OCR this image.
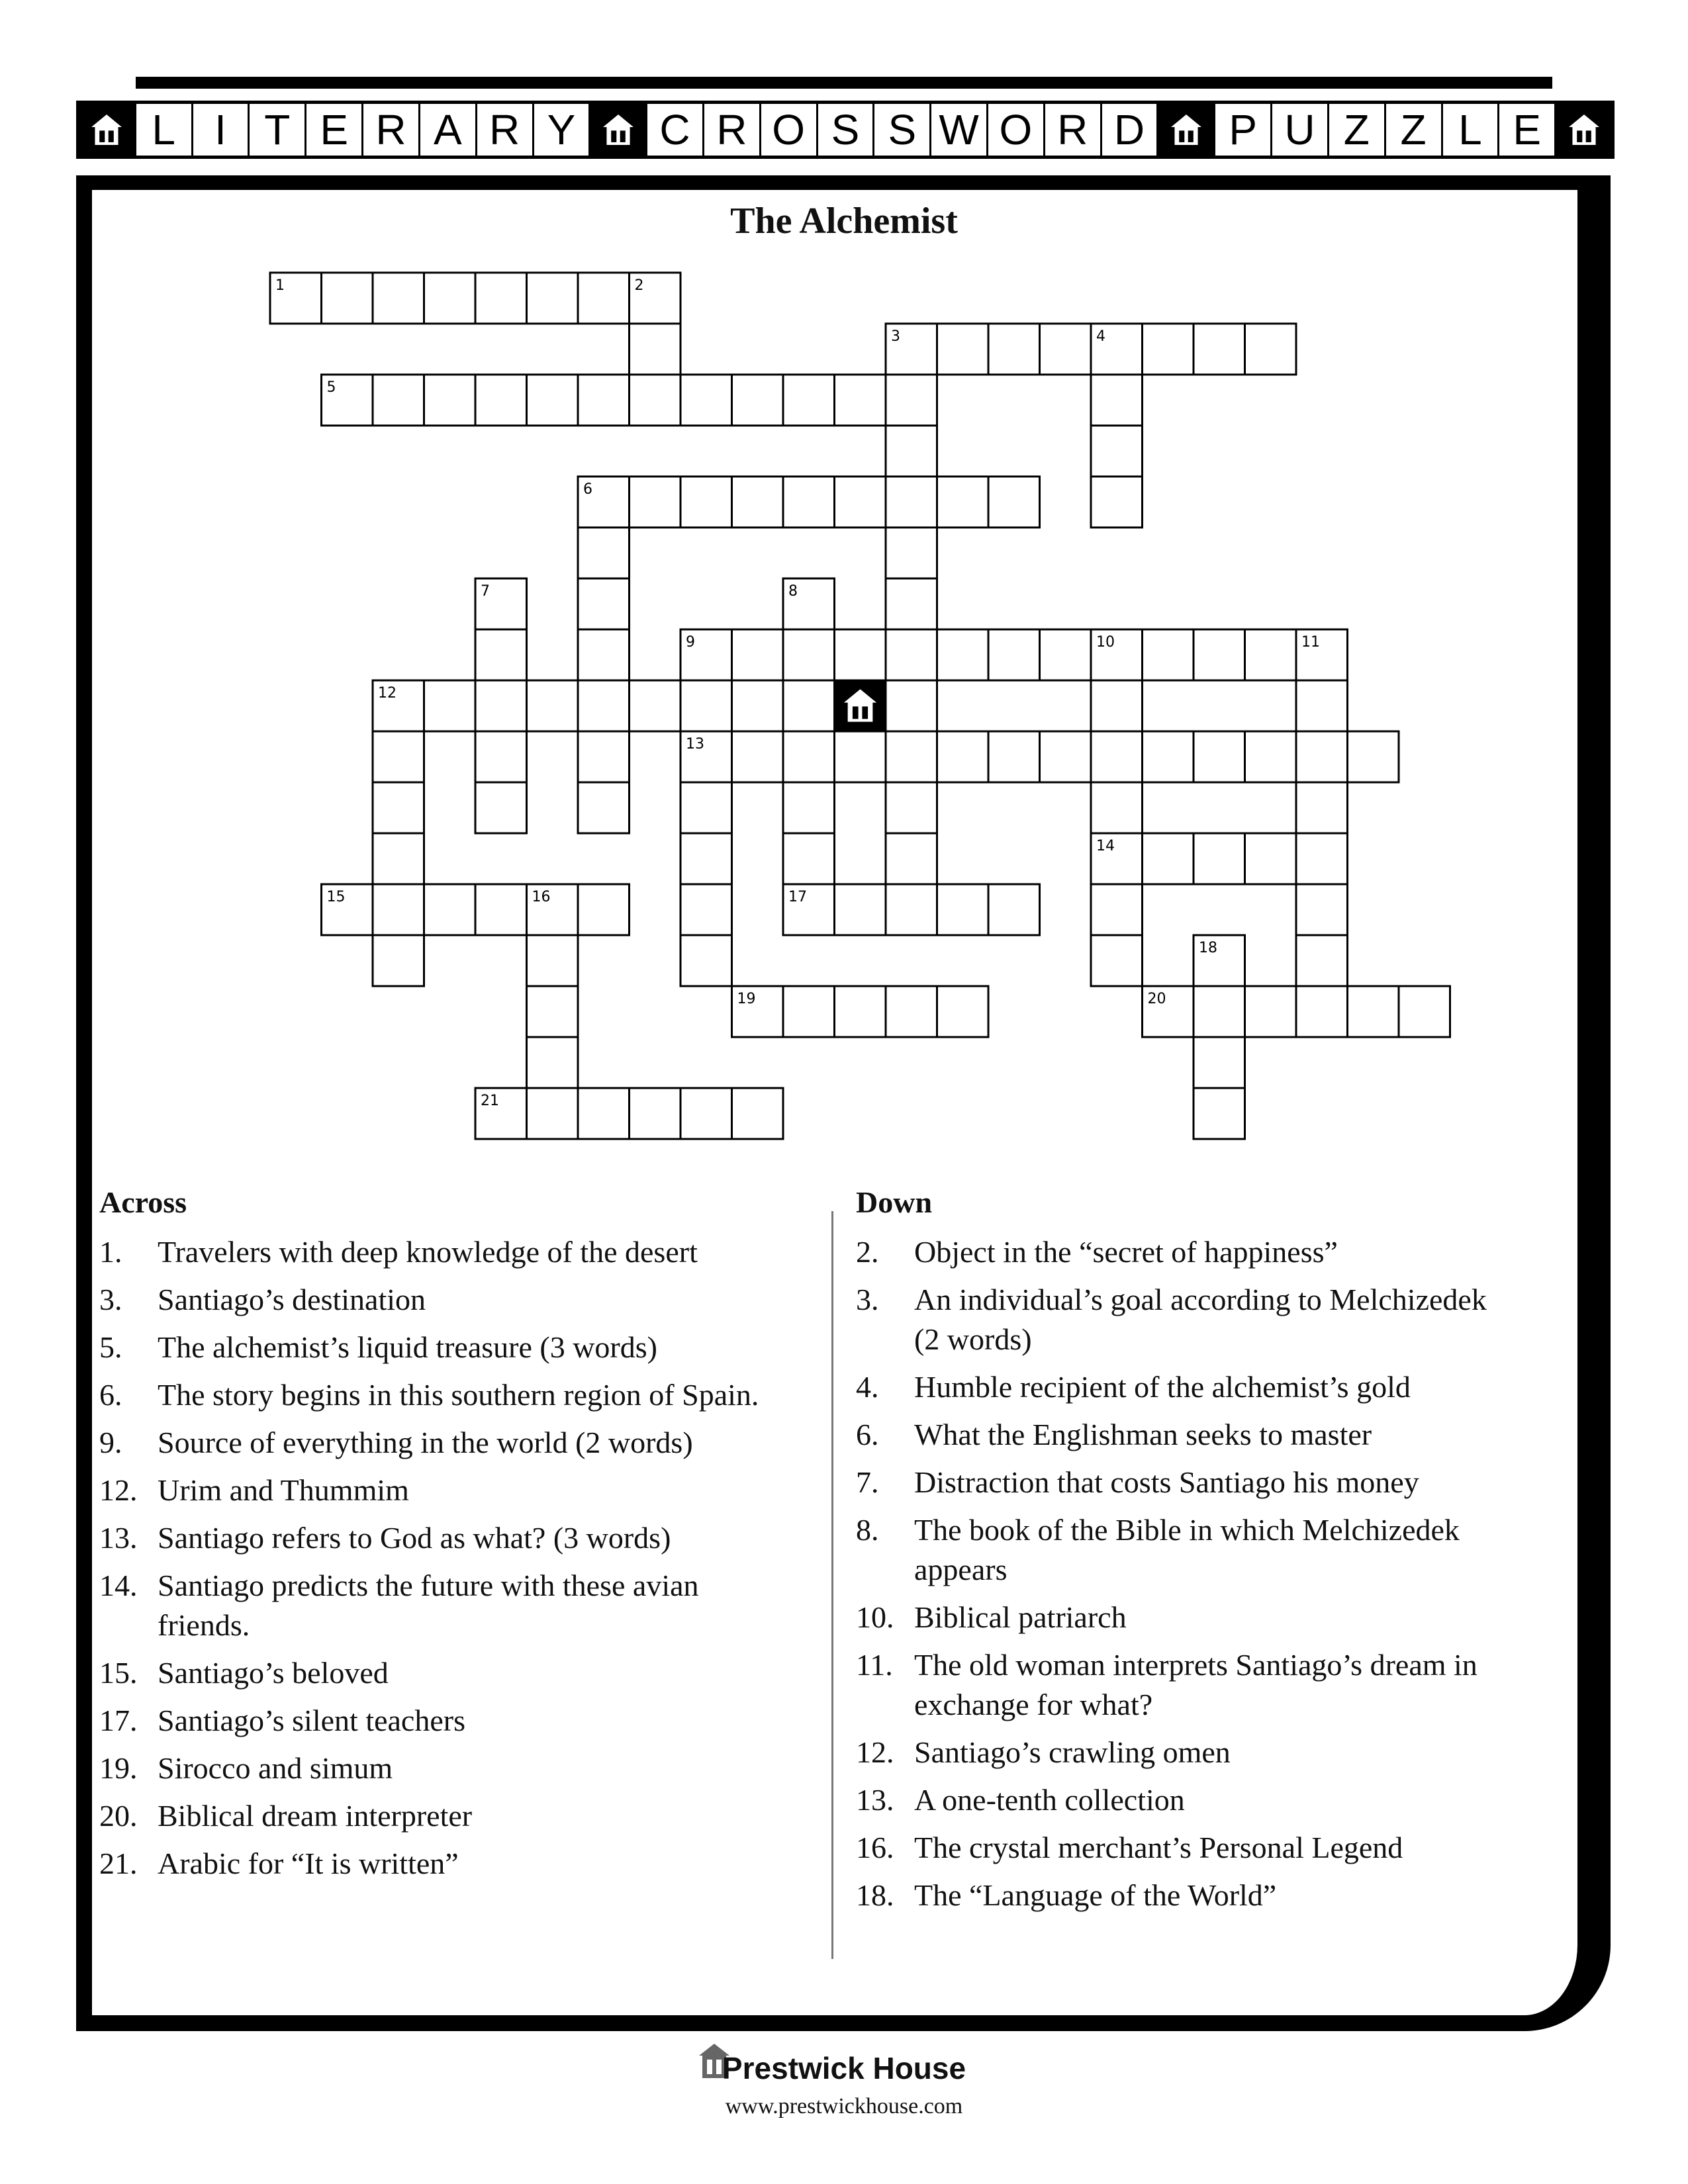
L I T E R A R Y	C R O S S W O R D	P U Z Z L E
The Alchemist
1	2
3	4
5
6
7	8
9	10	11
12
13
14
15	16	17
18
19	20
21
Across	Down
1. Travelers with deep knowledge of the desert
3. Santiago’s destination
5. The alchemist’s liquid treasure (3 words)
6. The story begins in this southern region of Spain.
9. Source of everything in the world (2 words)
12. Urim and Thummim
13. Santiago refers to God as what? (3 words)
14. Santiago predicts the future with these avian
friends.
15. Santiago’s beloved
17. Santiago’s silent teachers
19. Sirocco and simum
20. Biblical dream interpreter
21. Arabic for “It is written”
2. Object in the “secret of happiness”
3. An individual’s goal according to Melchizedek
(2 words)
4. Humble recipient of the alchemist’s gold
6. What the Englishman seeks to master
7. Distraction that costs Santiago his money
8. The book of the Bible in which Melchizedek
appears
10. Biblical patriarch
11. The old woman interprets Santiago’s dream in
exchange for what?
12. Santiago’s crawling omen
13. A one-tenth collection
16. The crystal merchant’s Personal Legend
18. The “Language of the World”
Prestwick House
www.prestwickhouse.com
